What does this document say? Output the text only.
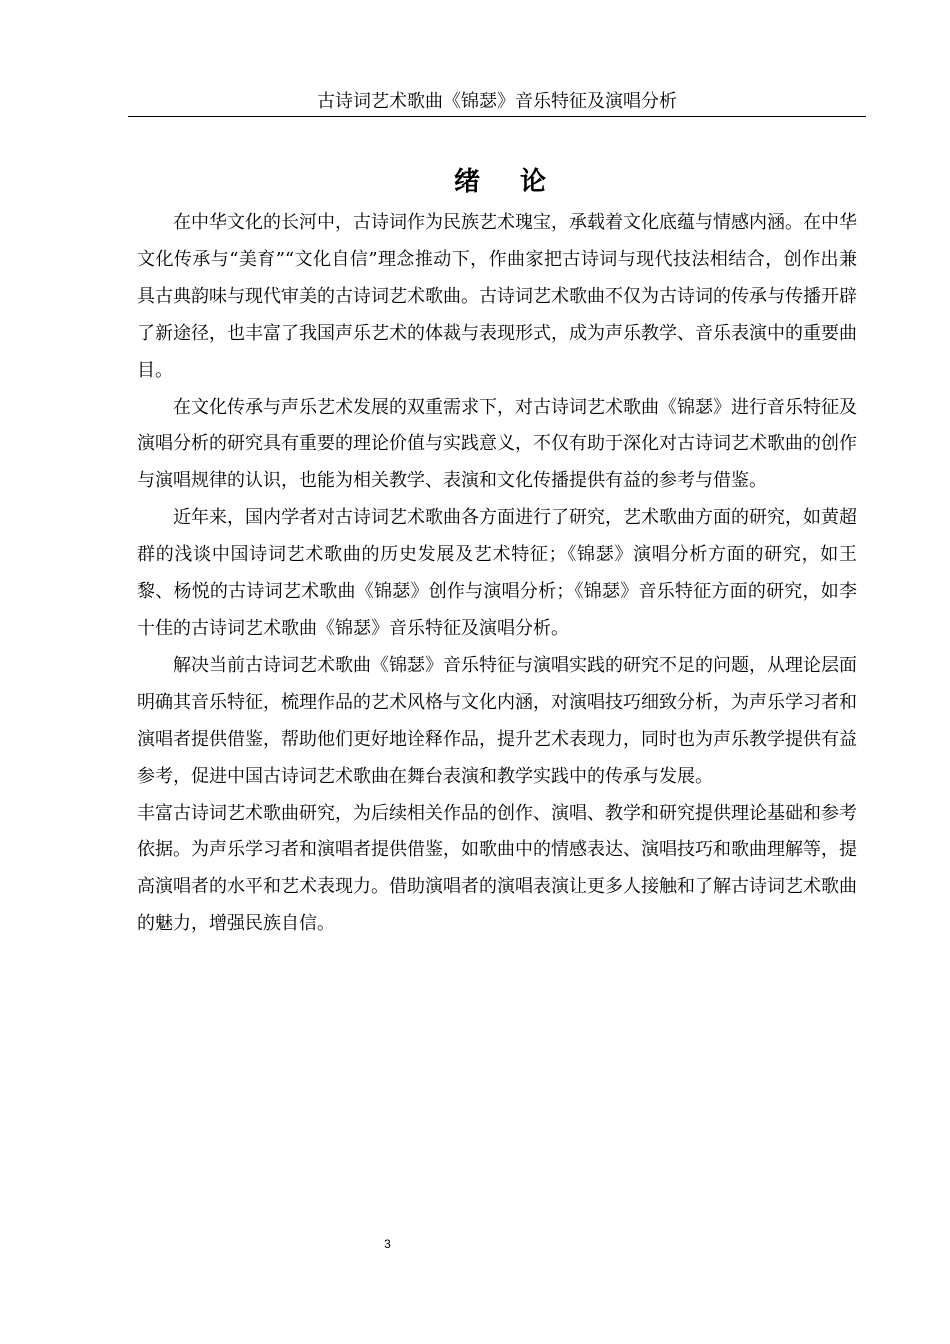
古诗词艺术歌曲《锦瑟》音乐特征及演唱分析
绪论

在中华文化的长河中，古诗词作为民族艺术瑰宝，承载着文化底蕴与情感内涵。在中华文化传承与“美育”“文化自信”理念推动下，作曲家把古诗词与现代技法相结合，创作出兼具古典韵味与现代审美的古诗词艺术歌曲。古诗词艺术歌曲不仅为古诗词的传承与传播开辟了新途径，也丰富了我国声乐艺术的体裁与表现形式，成为声乐教学、音乐表演中的重要曲目。

在文化传承与声乐艺术发展的双重需求下，对古诗词艺术歌曲《锦瑟》进行音乐特征及演唱分析的研究具有重要的理论价值与实践意义，不仅有助于深化对古诗词艺术歌曲的创作与演唱规律的认识，也能为相关教学、表演和文化传播提供有益的参考与借鉴。

近年来，国内学者对古诗词艺术歌曲各方面进行了研究，艺术歌曲方面的研究，如黄超群的浅谈中国诗词艺术歌曲的历史发展及艺术特征；《锦瑟》演唱分析方面的研究，如王黎、杨悦的古诗词艺术歌曲《锦瑟》创作与演唱分析；《锦瑟》音乐特征方面的研究，如李十佳的古诗词艺术歌曲《锦瑟》音乐特征及演唱分析。

解决当前古诗词艺术歌曲《锦瑟》音乐特征与演唱实践的研究不足的问题，从理论层面明确其音乐特征，梳理作品的艺术风格与文化内涵，对演唱技巧细致分析，为声乐学习者和演唱者提供借鉴，帮助他们更好地诠释作品，提升艺术表现力，同时也为声乐教学提供有益参考，促进中国古诗词艺术歌曲在舞台表演和教学实践中的传承与发展。

丰富古诗词艺术歌曲研究，为后续相关作品的创作、演唱、教学和研究提供理论基础和参考依据。为声乐学习者和演唱者提供借鉴，如歌曲中的情感表达、演唱技巧和歌曲理解等，提高演唱者的水平和艺术表现力。借助演唱者的演唱表演让更多人接触和了解古诗词艺术歌曲的魅力，增强民族自信。

3
